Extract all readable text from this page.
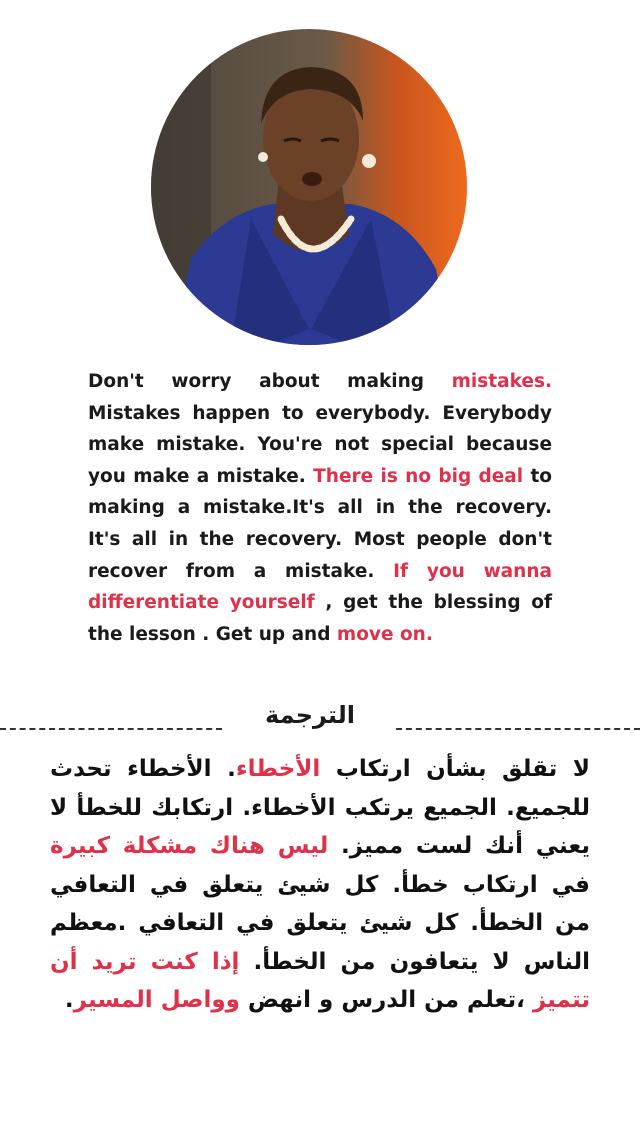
Don't worry about making mistakes. Mistakes happen to everybody. Everybody make mistake. You're not special because you make a mistake. There is no big deal to making a mistake.It's all in the recovery. It's all in the recovery. Most people don't recover from a mistake. If you wanna differentiate yourself , get the blessing of the lesson . Get up and move on.
الترجمة
لا تقلق بشأن ارتكاب الأخطاء. الأخطاء تحدث للجميع. الجميع يرتكب الأخطاء. ارتكابك للخطأ لا يعني أنك لست مميز. ليس هناك مشكلة كبيرة في ارتكاب خطأ. كل شيئ يتعلق في التعافي من الخطأ. كل شيئ يتعلق في التعافي .معظم الناس لا يتعافون من الخطأ. إذا كنت تريد أن تتميز ،تعلم من الدرس و انهض وواصل المسير.
